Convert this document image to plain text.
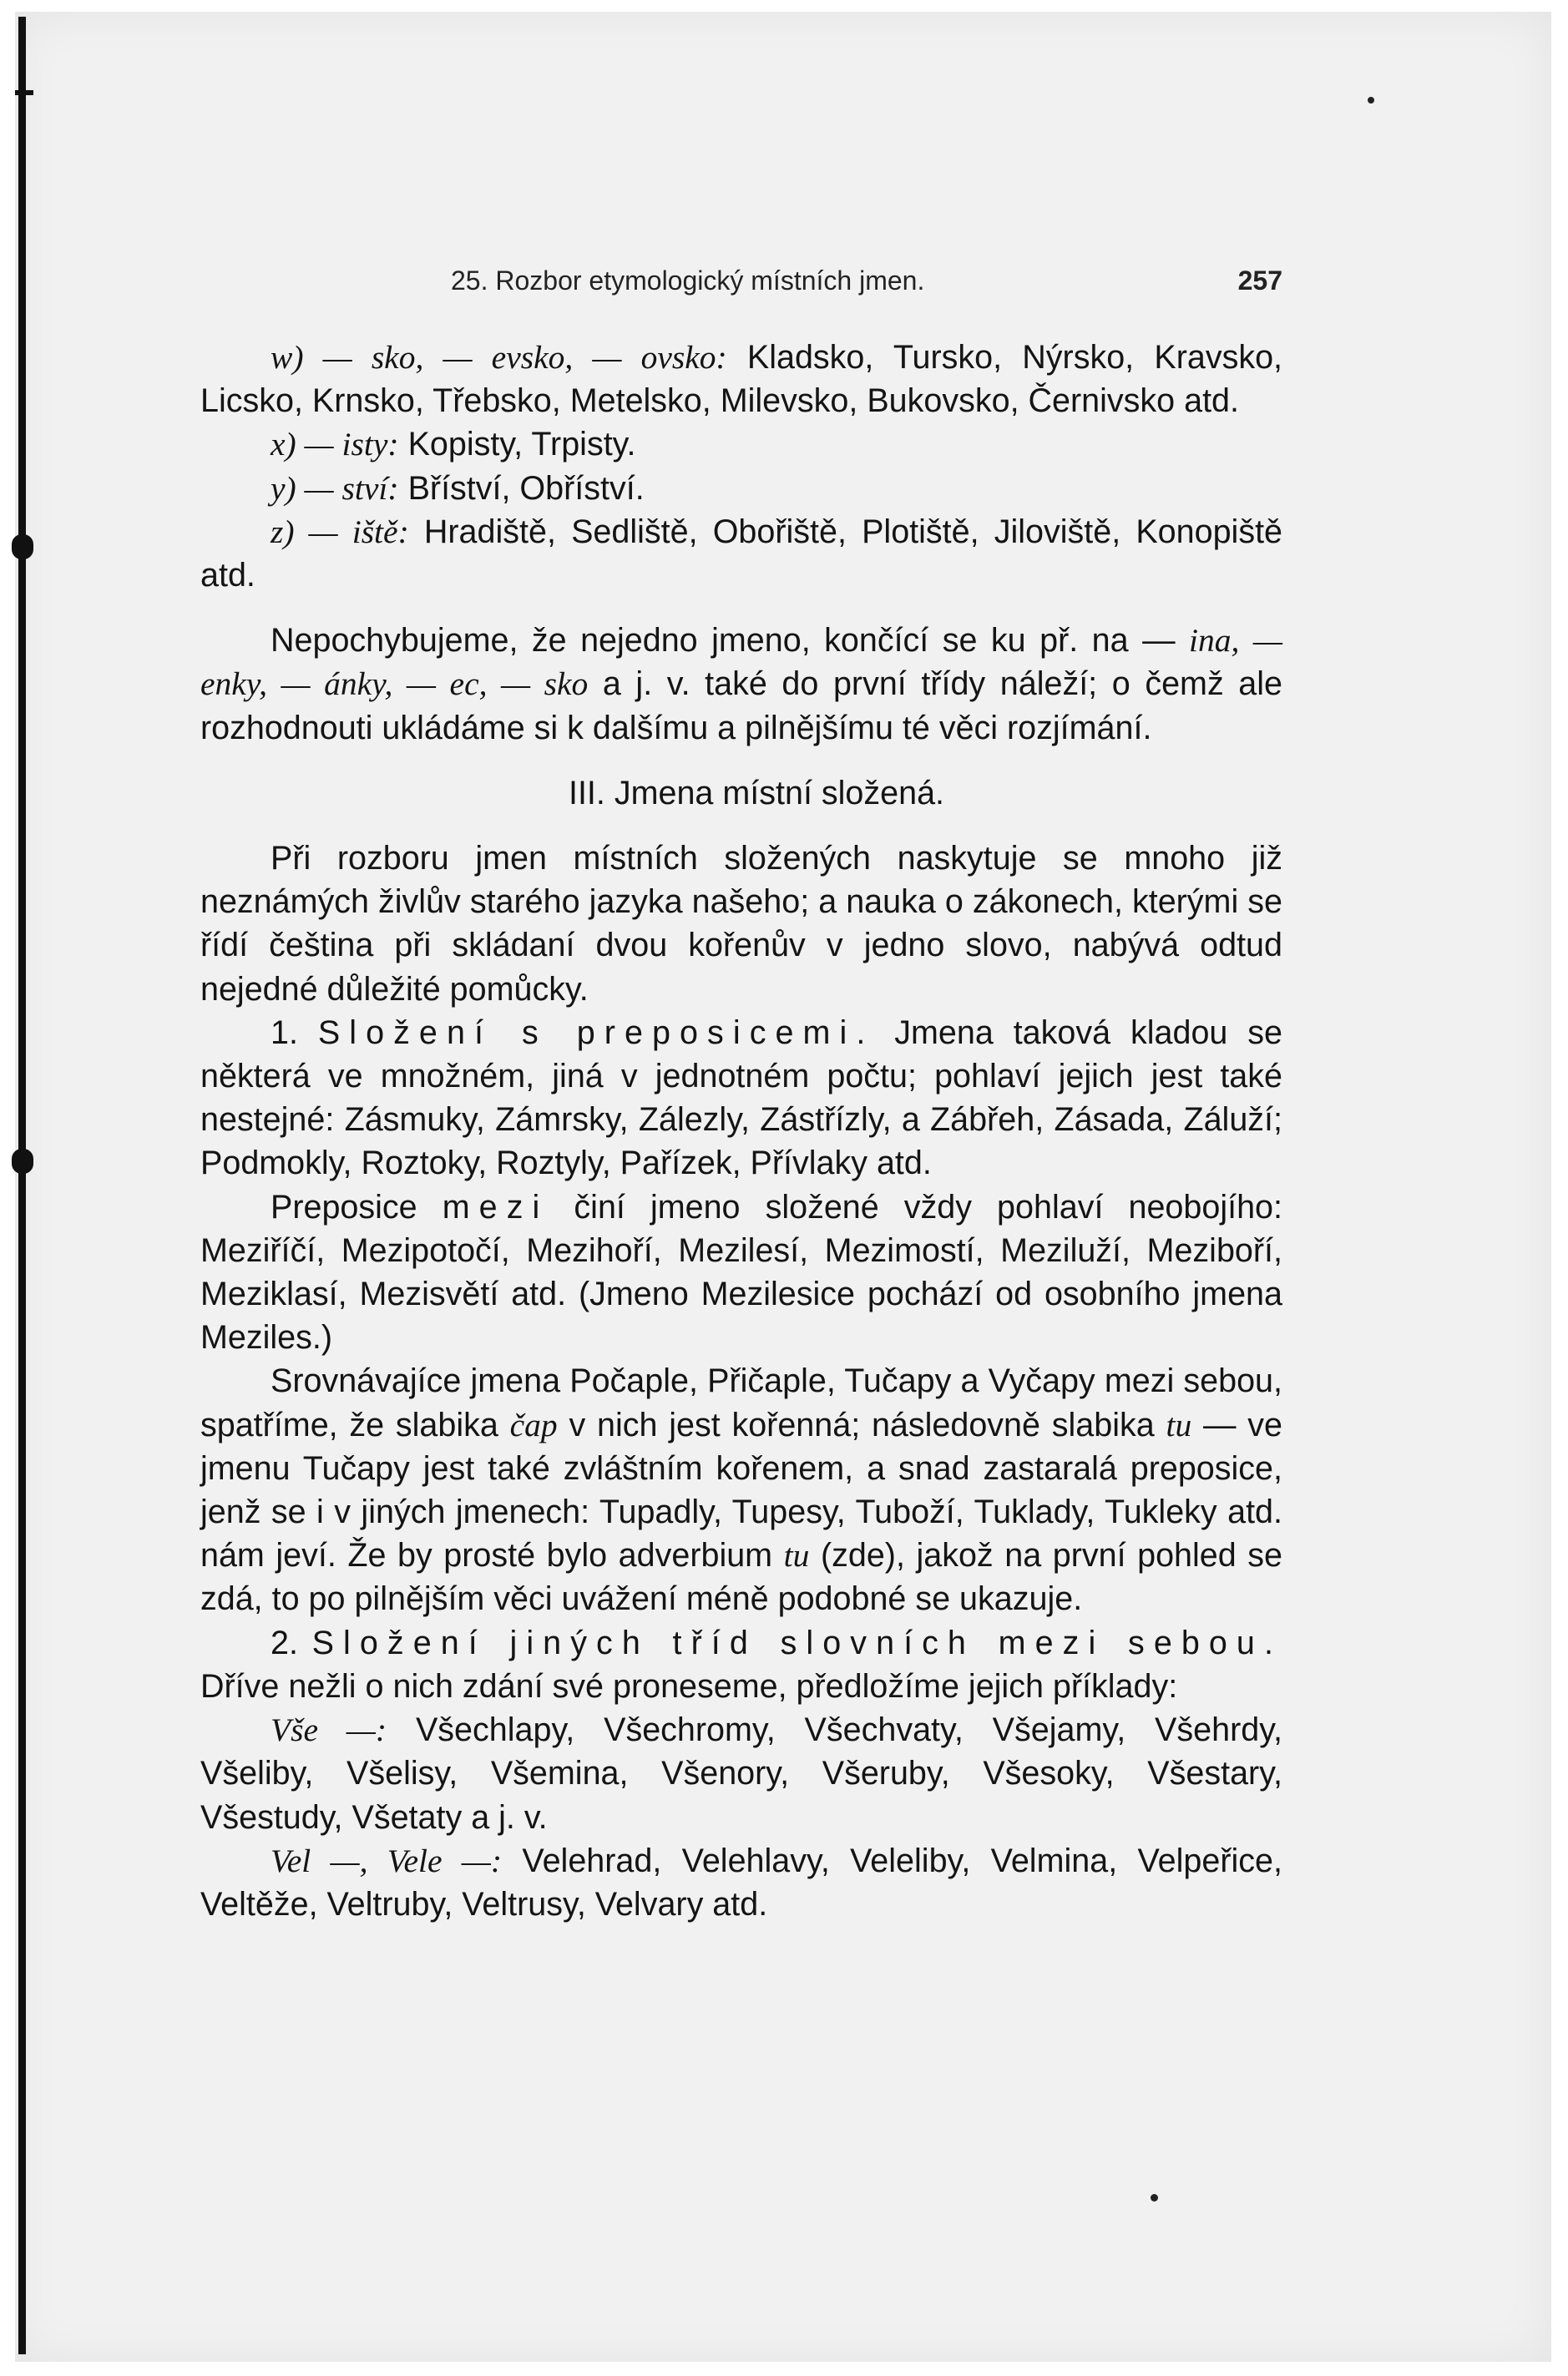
25. Rozbor etymologický místních jmen.	257

w) — sko, — evsko, — ovsko: Kladsko, Tursko, Nýrsko, Kravsko, Licsko, Krnsko, Třebsko, Metelsko, Milevsko, Bukovsko, Černivsko atd.

x) — isty: Kopisty, Trpisty.

y) — ství: Bříství, Obříství.

z) — iště: Hradiště, Sedliště, Obořiště, Plotiště, Jiloviště, Konopiště atd.

Nepochybujeme, že nejedno jmeno, končící se ku př. na — ina, — enky, — ánky, — ec, — sko a j. v. také do první třídy náleží; o čemž ale rozhodnouti ukládáme si k dalšímu a pilnějšímu té věci rozjímání.

III. Jmena místní složená.

Při rozboru jmen místních složených naskytuje se mnoho již neznámých živlův starého jazyka našeho; a nauka o zákonech, kterými se řídí čeština při skládaní dvou kořenův v jedno slovo, nabývá odtud nejedné důležité pomůcky.

1. Složení s preposicemi. Jmena taková kladou se některá ve množném, jiná v jednotném počtu; pohlaví jejich jest také nestejné: Zásmuky, Zámrsky, Zálezly, Zástřízly, a Zábřeh, Zásada, Záluží; Podmokly, Roztoky, Roztyly, Pařízek, Přívlaky atd.

Preposice mezi činí jmeno složené vždy pohlaví neobojího: Meziříčí, Mezipotočí, Mezihoří, Mezilesí, Mezimostí, Meziluží, Mezibоří, Meziklasí, Mezisvětí atd. (Jmeno Mezilesice pochází od osobního jmena Meziles.)

Srovnávajíce jmena Počaple, Přičaple, Tučapy a Vyčapy mezi sebou, spatříme, že slabika čap v nich jest kořenná; následovně slabika tu — ve jmenu Tučapy jest také zvláštním kořenem, a snad zastaralá preposice, jenž se i v jiných jmenech: Tupadly, Tupesy, Tubоží, Tuklady, Tukleky atd. nám jeví. Že by prosté bylo adverbium tu (zde), jakož na první pohled se zdá, to po pilnějším věci uvážení méně podobné se ukazuje.

2. Složení jiných tříd slovních mezi sebou. Dříve nežli o nich zdání své proneseme, předložíme jejich příklady:

Vše —: Všechlapy, Všechromy, Všechvaty, Všejamy, Všehrdy, Všeliby, Všelisy, Všemina, Všenory, Všeruby, Všesoky, Všestary, Všestudy, Všetaty a j. v.

Vel —, Vele —: Velehrad, Velehlavy, Veleliby, Velmina, Velpeřice, Veltěže, Veltruby, Veltrusy, Velvary atd.
